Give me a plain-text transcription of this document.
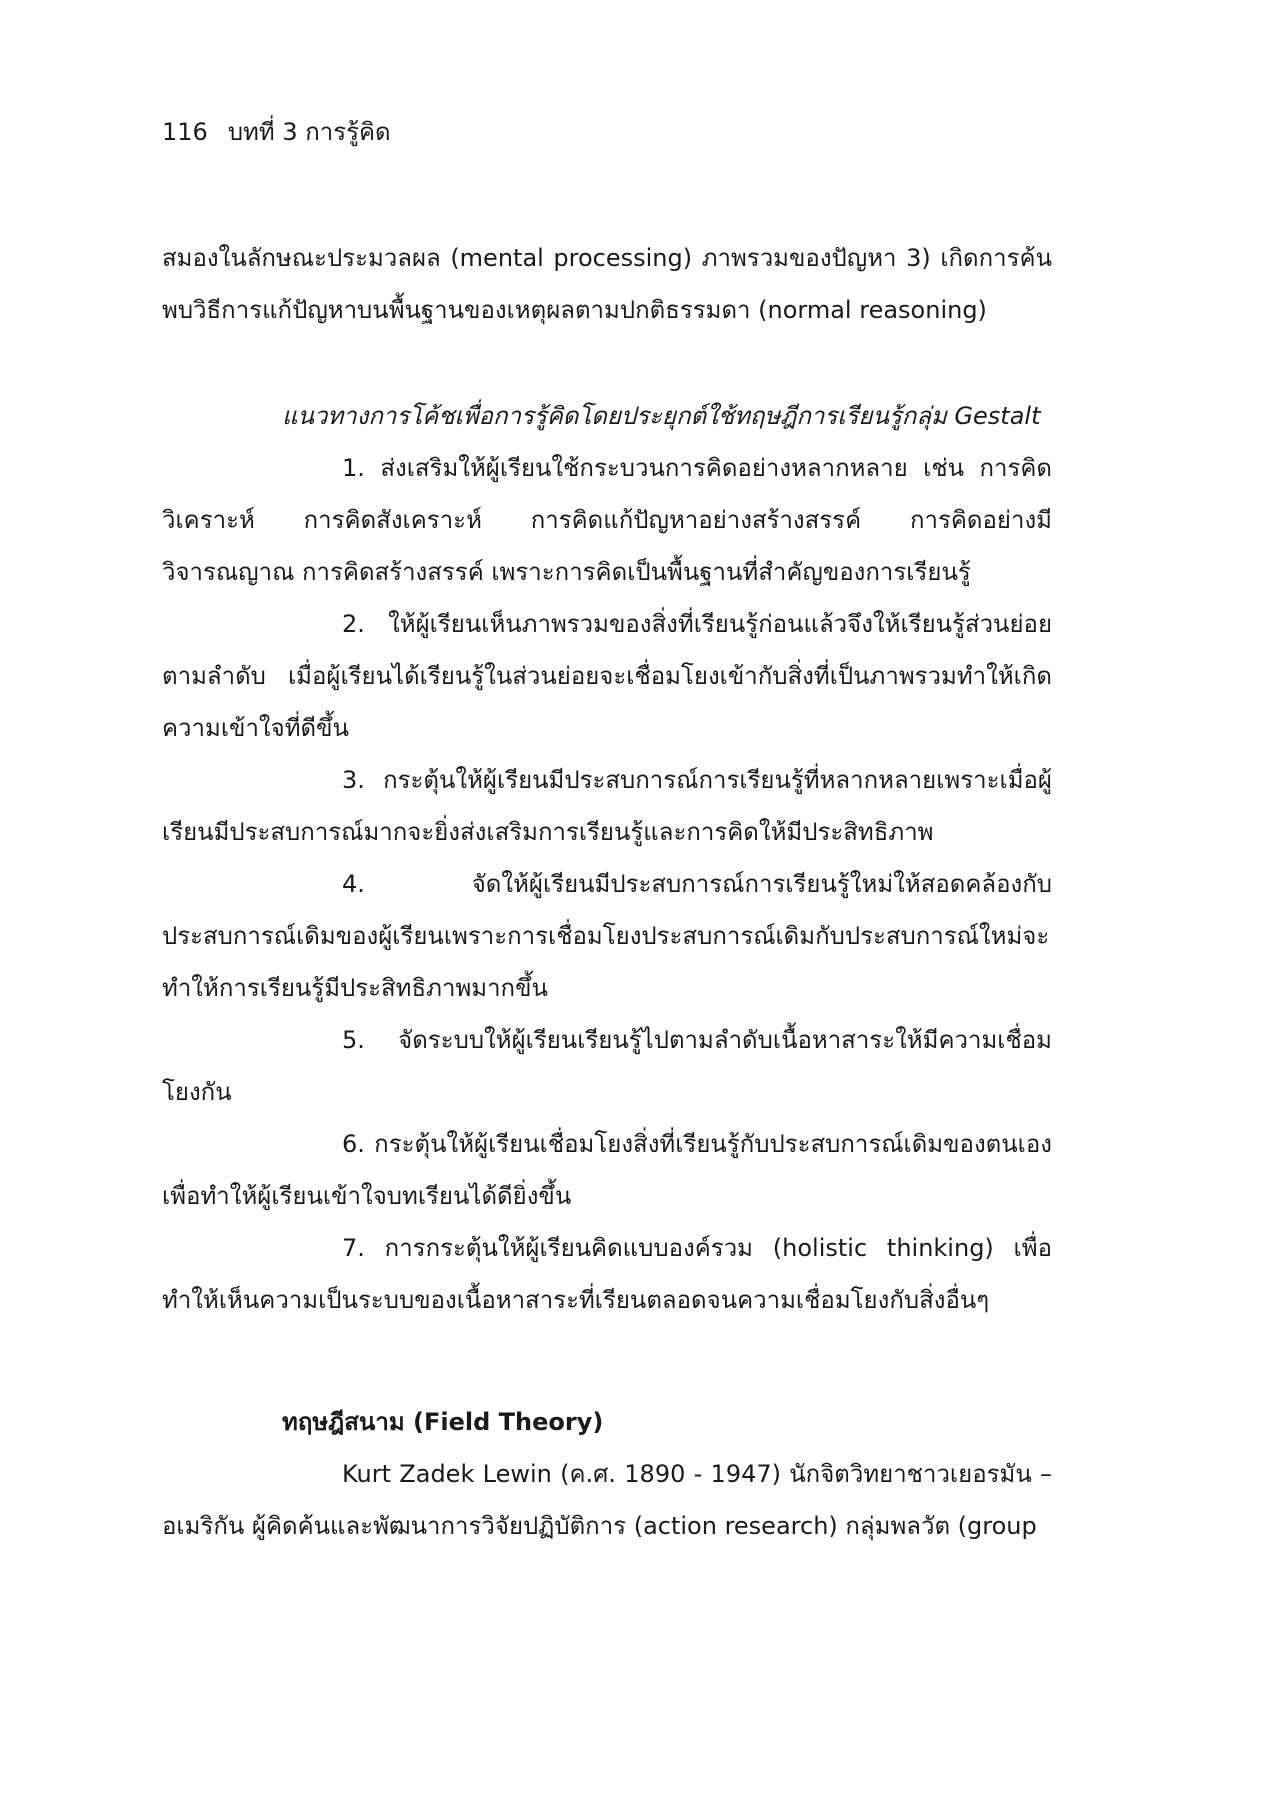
116 บทที่ 3 การรู้คิด

สมองในลักษณะประมวลผล (mental processing) ภาพรวมของปัญหา 3) เกิดการค้นพบวิธีการแก้ปัญหาบนพื้นฐานของเหตุผลตามปกติธรรมดา (normal reasoning)

แนวทางการโค้ชเพื่อการรู้คิดโดยประยุกต์ใช้ทฤษฎีการเรียนรู้กลุ่ม Gestalt

1. ส่งเสริมให้ผู้เรียนใช้กระบวนการคิดอย่างหลากหลาย เช่น การคิดวิเคราะห์ การคิดสังเคราะห์ การคิดแก้ปัญหาอย่างสร้างสรรค์ การคิดอย่างมีวิจารณญาณ การคิดสร้างสรรค์ เพราะการคิดเป็นพื้นฐานที่สำคัญของการเรียนรู้

2. ให้ผู้เรียนเห็นภาพรวมของสิ่งที่เรียนรู้ก่อนแล้วจึงให้เรียนรู้ส่วนย่อยตามลำดับ เมื่อผู้เรียนได้เรียนรู้ในส่วนย่อยจะเชื่อมโยงเข้ากับสิ่งที่เป็นภาพรวมทำให้เกิดความเข้าใจที่ดีขึ้น

3. กระตุ้นให้ผู้เรียนมีประสบการณ์การเรียนรู้ที่หลากหลายเพราะเมื่อผู้เรียนมีประสบการณ์มากจะยิ่งส่งเสริมการเรียนรู้และการคิดให้มีประสิทธิภาพ

4. จัดให้ผู้เรียนมีประสบการณ์การเรียนรู้ใหม่ให้สอดคล้องกับประสบการณ์เดิมของผู้เรียนเพราะการเชื่อมโยงประสบการณ์เดิมกับประสบการณ์ใหม่จะทำให้การเรียนรู้มีประสิทธิภาพมากขึ้น

5. จัดระบบให้ผู้เรียนเรียนรู้ไปตามลำดับเนื้อหาสาระให้มีความเชื่อมโยงกัน

6. กระตุ้นให้ผู้เรียนเชื่อมโยงสิ่งที่เรียนรู้กับประสบการณ์เดิมของตนเองเพื่อทำให้ผู้เรียนเข้าใจบทเรียนได้ดียิ่งขึ้น

7. การกระตุ้นให้ผู้เรียนคิดแบบองค์รวม (holistic thinking) เพื่อทำให้เห็นความเป็นระบบของเนื้อหาสาระที่เรียนตลอดจนความเชื่อมโยงกับสิ่งอื่นๆ

ทฤษฎีสนาม (Field Theory)

Kurt Zadek Lewin (ค.ศ. 1890 - 1947) นักจิตวิทยาชาวเยอรมัน – อเมริกัน ผู้คิดค้นและพัฒนาการวิจัยปฏิบัติการ (action research) กลุ่มพลวัต (group
